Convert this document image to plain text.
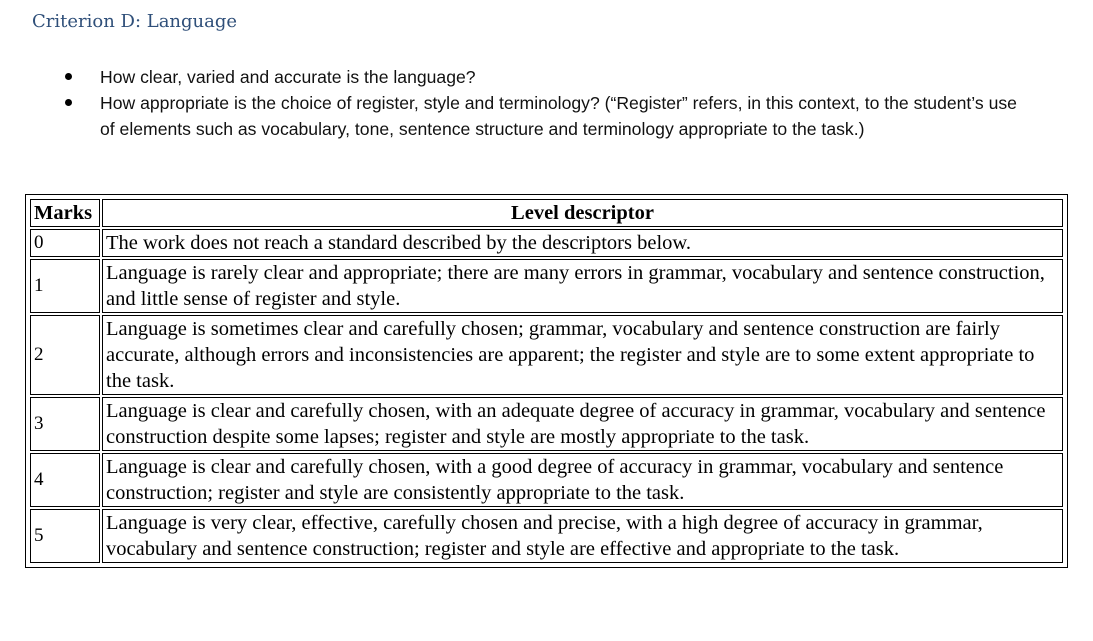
Criterion D: Language
How clear, varied and accurate is the language?
How appropriate is the choice of register, style and terminology? (“Register” refers, in this context, to the student’s use of elements such as vocabulary, tone, sentence structure and terminology appropriate to the task.)
Marks	Level descriptor
0	The work does not reach a standard described by the descriptors below.
1	Language is rarely clear and appropriate; there are many errors in grammar, vocabulary and sentence construction, and little sense of register and style.
2	Language is sometimes clear and carefully chosen; grammar, vocabulary and sentence construction are fairly accurate, although errors and inconsistencies are apparent; the register and style are to some extent appropriate to the task.
3	Language is clear and carefully chosen, with an adequate degree of accuracy in grammar, vocabulary and sentence construction despite some lapses; register and style are mostly appropriate to the task.
4	Language is clear and carefully chosen, with a good degree of accuracy in grammar, vocabulary and sentence construction; register and style are consistently appropriate to the task.
5	Language is very clear, effective, carefully chosen and precise, with a high degree of accuracy in grammar, vocabulary and sentence construction; register and style are effective and appropriate to the task.
